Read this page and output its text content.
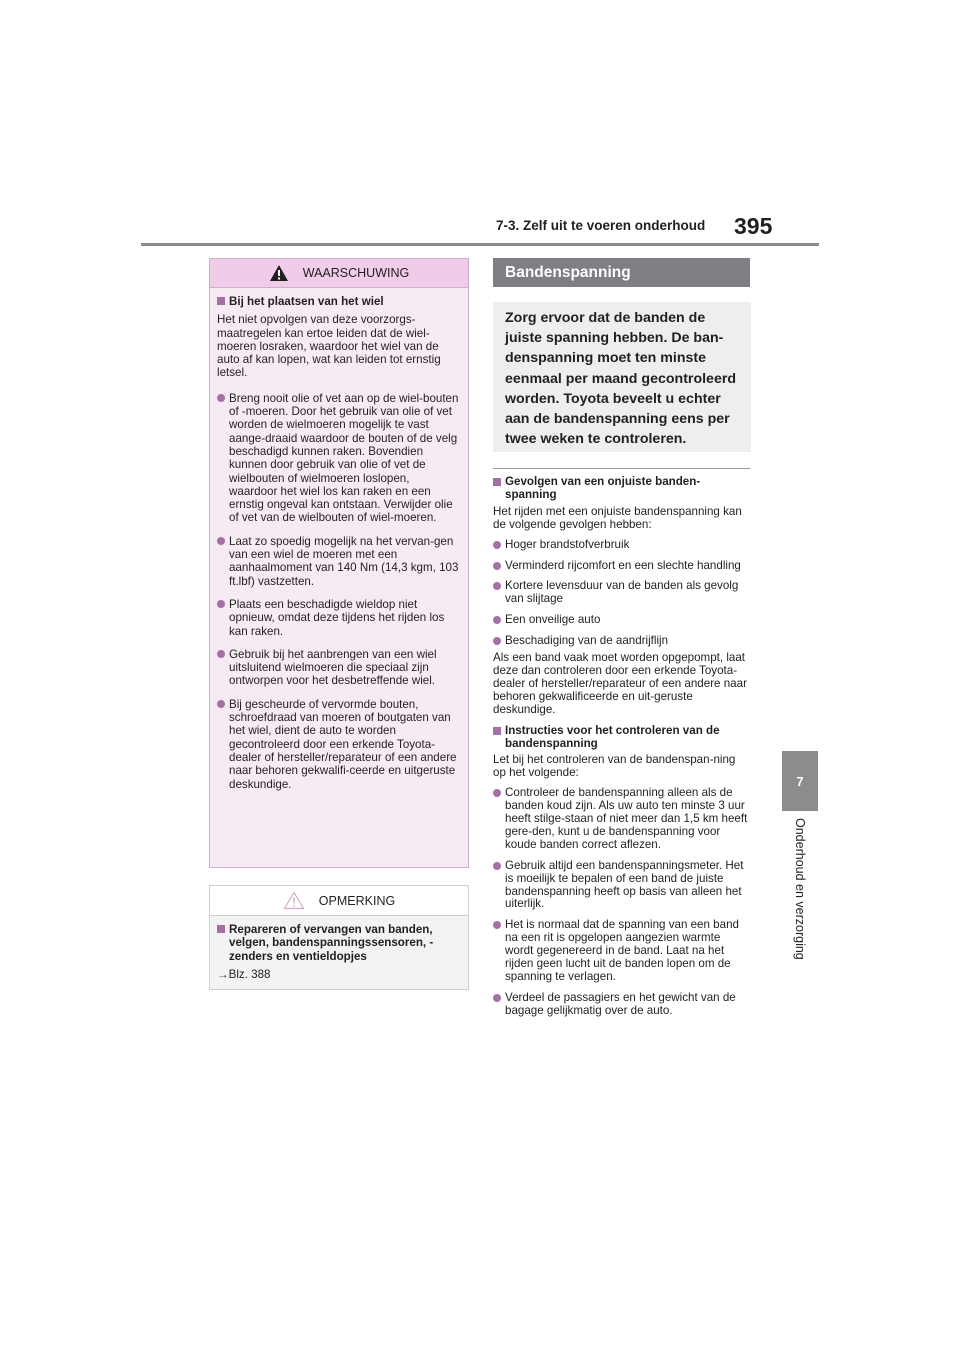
7-3. Zelf uit te voeren onderhoud 395
7
Onderhoud en verzorging
WAARSCHUWING
Bij het plaatsen van het wiel
Het niet opvolgen van deze voorzorgs-maatregelen kan ertoe leiden dat de wiel-moeren losraken, waardoor het wiel van de auto af kan lopen, wat kan leiden tot ernstig letsel.
Breng nooit olie of vet aan op de wiel-bouten of -moeren. Door het gebruik van olie of vet worden de wielmoeren mogelijk te vast aange-draaid waardoor de bouten of de velg beschadigd kunnen raken. Bovendien kunnen door gebruik van olie of vet de wielbouten of wielmoeren loslopen, waardoor het wiel los kan raken en een ernstig ongeval kan ontstaan. Verwijder olie of vet van de wielbouten of wiel-moeren.
Laat zo spoedig mogelijk na het vervan-gen van een wiel de moeren met een aanhaalmoment van 140 Nm (14,3 kgm, 103 ft.lbf) vastzetten.
Plaats een beschadigde wieldop niet opnieuw, omdat deze tijdens het rijden los kan raken.
Gebruik bij het aanbrengen van een wiel uitsluitend wielmoeren die speciaal zijn ontworpen voor het desbetreffende wiel.
Bij gescheurde of vervormde bouten, schroefdraad van moeren of boutgaten van het wiel, dient de auto te worden gecontroleerd door een erkende Toyota-dealer of hersteller/reparateur of een andere naar behoren gekwalifi-ceerde en uitgeruste deskundige.
OPMERKING
Repareren of vervangen van banden, velgen, bandenspanningssensoren, -zenders en ventieldopjes
→Blz. 388
Bandenspanning
Zorg ervoor dat de banden de juiste spanning hebben. De ban-denspanning moet ten minste eenmaal per maand gecontroleerd worden. Toyota beveelt u echter aan de bandenspanning eens per twee weken te controleren.
Gevolgen van een onjuiste banden-spanning
Het rijden met een onjuiste bandenspanning kan de volgende gevolgen hebben:
Hoger brandstofverbruik
Verminderd rijcomfort en een slechte handling
Kortere levensduur van de banden als gevolg van slijtage
Een onveilige auto
Beschadiging van de aandrijflijn
Als een band vaak moet worden opgepompt, laat deze dan controleren door een erkende Toyota-dealer of hersteller/reparateur of een andere naar behoren gekwalificeerde en uit-geruste deskundige.
Instructies voor het controleren van de bandenspanning
Let bij het controleren van de bandenspan-ning op het volgende:
Controleer de bandenspanning alleen als de banden koud zijn. Als uw auto ten minste 3 uur heeft stilge-staan of niet meer dan 1,5 km heeft gere-den, kunt u de bandenspanning voor koude banden correct aflezen.
Gebruik altijd een bandenspanningsmeter. Het is moeilijk te bepalen of een band de juiste bandenspanning heeft op basis van alleen het uiterlijk.
Het is normaal dat de spanning van een band na een rit is opgelopen aangezien warmte wordt gegenereerd in de band. Laat na het rijden geen lucht uit de banden lopen om de spanning te verlagen.
Verdeel de passagiers en het gewicht van de bagage gelijkmatig over de auto.
